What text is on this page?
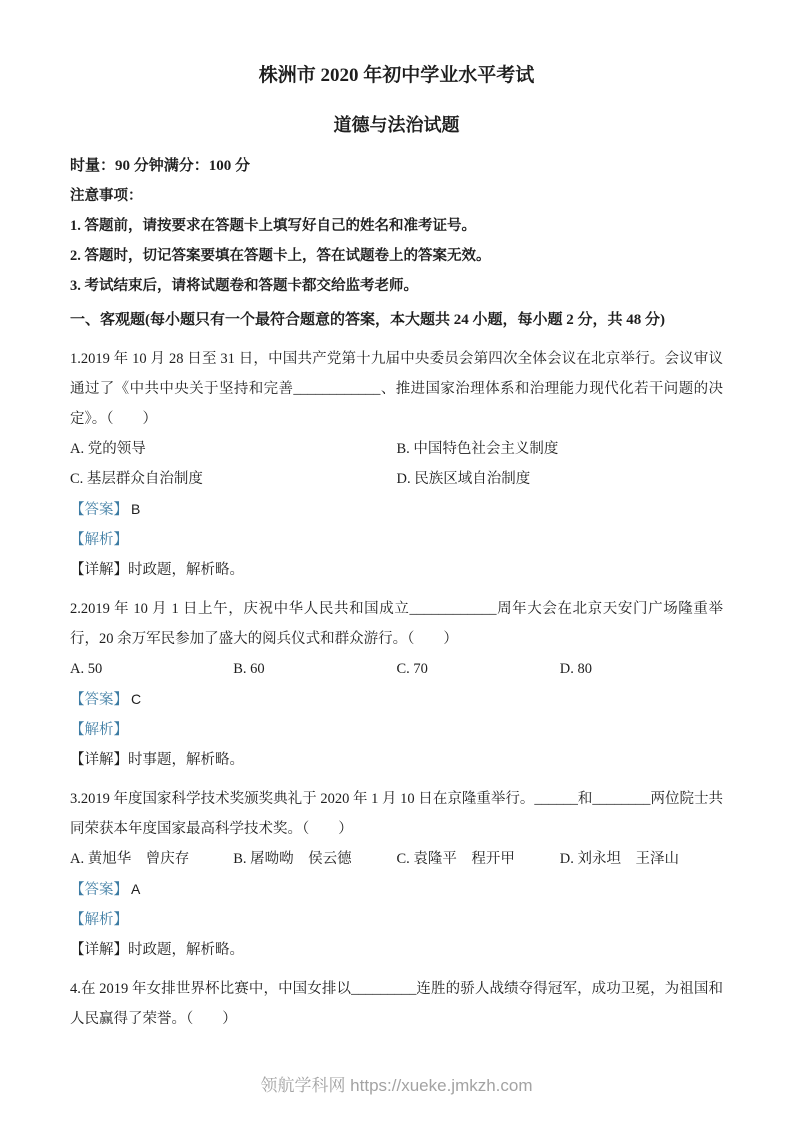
株洲市 2020 年初中学业水平考试
道德与法治试题

时量：90 分钟满分：100 分

注意事项：

1. 答题前，请按要求在答题卡上填写好自己的姓名和准考证号。

2. 答题时，切记答案要填在答题卡上，答在试题卷上的答案无效。

3. 考试结束后，请将试题卷和答题卡都交给监考老师。

一、客观题(每小题只有一个最符合题意的答案，本大题共 24 小题，每小题 2 分，共 48 分)

1.2019 年 10 月 28 日至 31 日，中国共产党第十九届中央委员会第四次全体会议在北京举行。会议审议通过了《中共中央关于坚持和完善____________、推进国家治理体系和治理能力现代化若干问题的决定》。（　　）

A. 党的领导	B. 中国特色社会主义制度
C. 基层群众自治制度	D. 民族区域自治制度

【答案】 B

【解析】

【详解】时政题，解析略。

2.2019 年 10 月 1 日上午，庆祝中华人民共和国成立____________周年大会在北京天安门广场隆重举行，20 余万军民参加了盛大的阅兵仪式和群众游行。（　　）

A. 50	B. 60	C. 70	D. 80

【答案】 C

【解析】

【详解】时事题，解析略。

3.2019 年度国家科学技术奖颁奖典礼于 2020 年 1 月 10 日在京隆重举行。______和________两位院士共同荣获本年度国家最高科学技术奖。（　　）

A. 黄旭华　曾庆存	B. 屠呦呦　侯云德	C. 袁隆平　程开甲	D. 刘永坦　王泽山

【答案】 A

【解析】

【详解】时政题，解析略。

4.在 2019 年女排世界杯比赛中，中国女排以_________连胜的骄人战绩夺得冠军，成功卫冕，为祖国和人民赢得了荣誉。（　　）

领航学科网 https://xueke.jmkzh.com
